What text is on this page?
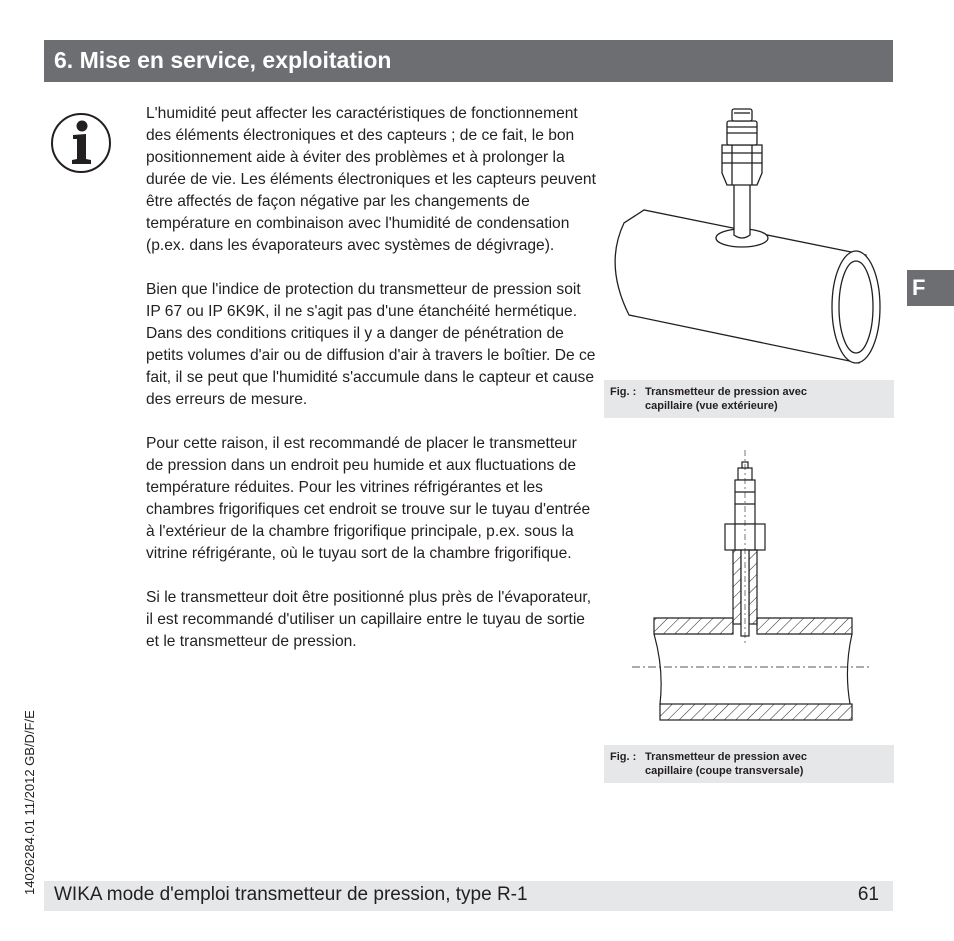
6. Mise en service, exploitation

L'humidité peut affecter les caractéristiques de fonctionnement des éléments électroniques et des capteurs ; de ce fait, le bon positionnement aide à éviter des problèmes et à prolonger la durée de vie. Les éléments électroniques et les capteurs peuvent être affectés de façon négative par les changements de température en combinaison avec l'humidité de condensation (p.ex. dans les évaporateurs avec systèmes de dégivrage).

Bien que l'indice de protection du transmetteur de pression soit IP 67 ou IP 6K9K, il ne s'agit pas d'une étanchéité hermétique. Dans des conditions critiques il y a danger de pénétration de petits volumes d'air ou de diffusion d'air à travers le boîtier. De ce fait, il se peut que l'humidité s'accumule dans le capteur et cause des erreurs de mesure.

Pour cette raison, il est recommandé de placer le transmetteur de pression dans un endroit peu humide et aux fluctuations de température réduites. Pour les vitrines réfrigérantes et les chambres frigorifiques cet endroit se trouve sur le tuyau d'entrée à l'extérieur de la chambre frigorifique principale, p.ex. sous la vitrine réfrigérante, où le tuyau sort de la chambre frigorifique.

Si le transmetteur doit être positionné plus près de l'évaporateur, il est recommandé d'utiliser un capillaire entre le tuyau de sortie et le transmetteur de pression.

F
Fig. : Transmetteur de pression avec
capillaire (vue extérieure)
Fig. : Transmetteur de pression avec
capillaire (coupe transversale)
14026284.01 11/2012 GB/D/F/E WIKA mode d'emploi transmetteur de pression, type R-1	61
